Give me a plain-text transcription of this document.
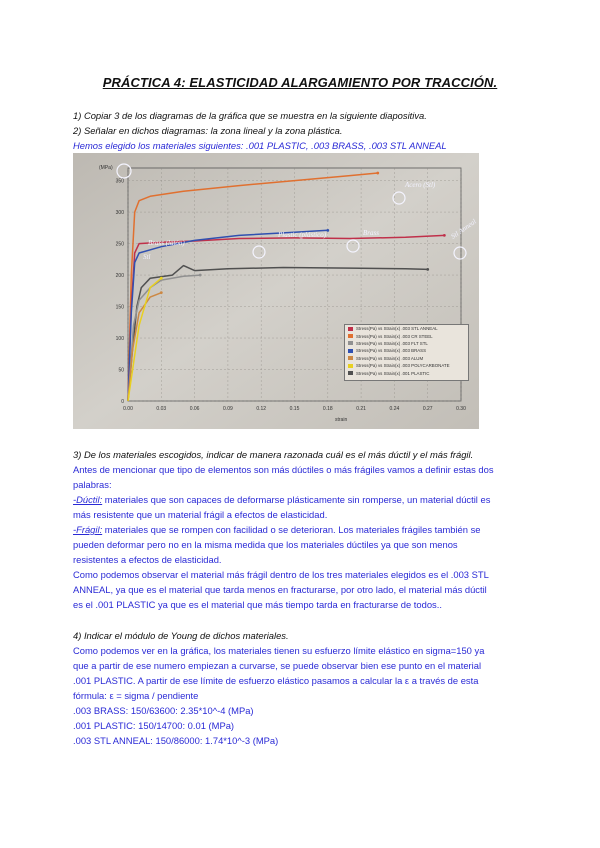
PRÁCTICA 4: ELASTICIDAD ALARGAMIENTO POR TRACCIÓN.
1) Copiar 3 de los diagramas de la gráfica que se muestra en la siguiente diapositiva.
2) Señalar en dichos diagramas: la zona lineal y la zona plástica.
Hemos elegido los materiales siguientes: .001 PLASTIC, .003 BRASS, .003 STL ANNEAL
350
300
250
200
150
100
50
0
0.00	0.03	0.06	0.09	0.12	0.15	0.18	0.21	0.24	0.27	0.30
Acero (Stl)
Brass (latón)
Plastic (plástico)	Stl Anneal
Brass
Stl
(MPa)
strain
Stress(Pa) vs Strain(x) .003 STL ANNEAL
Stress(Pa) vs Strain(x) .003 CR STEEL
Stress(Pa) vs Strain(x) .003 FLT STL
Stress(Pa) vs Strain(x) .003 BRASS
Stress(Pa) vs Strain(x) .003 ALUM
Stress(Pa) vs Strain(x) .003 POLYCARBONATE
Stress(Pa) vs Strain(x) .001 PLASTIC
3) De los materiales escogidos, indicar de manera razonada cuál es el más dúctil y el más frágil.
Antes de mencionar que tipo de elementos son más dúctiles o más frágiles vamos a definir estas dos
palabras:
-Dúctil: materiales que son capaces de deformarse plásticamente sin romperse, un material dúctil es
más resistente que un material frágil a efectos de elasticidad.
-Frágil: materiales que se rompen con facilidad o se deterioran. Los materiales frágiles también se
pueden deformar pero no en la misma medida que los materiales dúctiles ya que son menos
resistentes a efectos de elasticidad.
Como podemos observar el material más frágil dentro de los tres materiales elegidos es el .003 STL
ANNEAL, ya que es el material que tarda menos en fracturarse, por otro lado, el material más dúctil
es el .001 PLASTIC ya que es el material que más tiempo tarda en fracturarse de todos..
4) Indicar el módulo de Young de dichos materiales.
Como podemos ver en la gráfica, los materiales tienen su esfuerzo límite elástico en sigma=150 ya
que a partir de ese numero empiezan a curvarse, se puede observar bien ese punto en el material
.001 PLASTIC. A partir de ese límite de esfuerzo elástico pasamos a calcular la ε a través de esta
fórmula: ε = sigma / pendiente
.003 BRASS: 150/63600: 2.35*10^-4 (MPa)
.001 PLASTIC: 150/14700: 0.01 (MPa)
.003 STL ANNEAL: 150/86000: 1.74*10^-3 (MPa)
